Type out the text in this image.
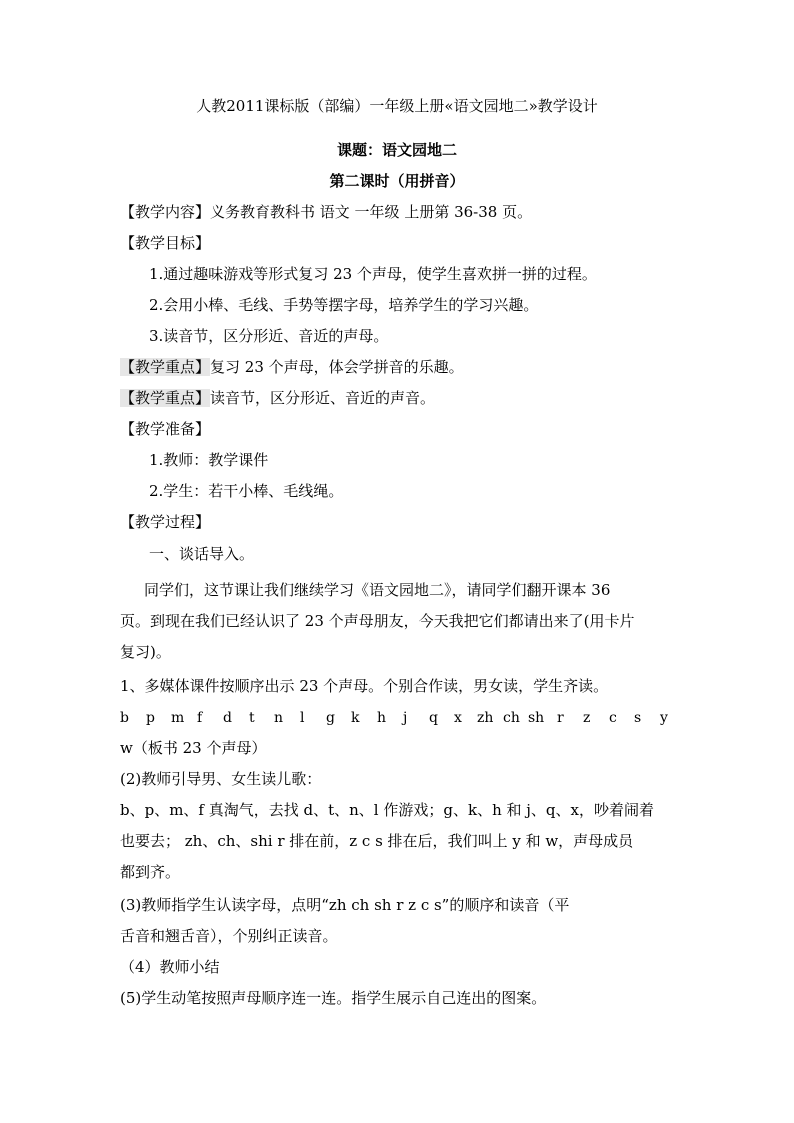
人教2011课标版（部编）一年级上册«语文园地二»教学设计
课题：语文园地二
第二课时（用拼音）
【教学内容】义务教育教科书 语文 一年级 上册第 36-38 页。
【教学目标】
1.通过趣味游戏等形式复习 23 个声母，使学生喜欢拼一拼的过程。
2.会用小棒、毛线、手势等摆字母，培养学生的学习兴趣。
3.读音节，区分形近、音近的声母。
【教学重点】复习 23 个声母，体会学拼音的乐趣。
【教学重点】读音节，区分形近、音近的声音。
【教学准备】
1.教师：教学课件
2.学生：若干小棒、毛线绳。
【教学过程】
一、谈话导入。
同学们，这节课让我们继续学习《语文园地二》，请同学们翻开课本 36
页。到现在我们已经认识了 23 个声母朋友，今天我把它们都请出来了(用卡片
复习)。
1、多媒体课件按顺序出示 23 个声母。个别合作读，男女读，学生齐读。
b p m f d t n l g k h j q x zh ch sh r z c s y
w（板书 23 个声母）
(2)教师引导男、女生读儿歌：
b、p、m、f 真淘气，去找 d、t、n、l 作游戏；g、k、h 和 j、q、x，吵着闹着
也要去； zh、ch、shi r 排在前，z c s 排在后，我们叫上 y 和 w，声母成员
都到齐。
(3)教师指学生认读字母，点明“zh ch sh r z c s”的顺序和读音（平
舌音和翘舌音），个别纠正读音。
（4）教师小结
(5)学生动笔按照声母顺序连一连。指学生展示自己连出的图案。
